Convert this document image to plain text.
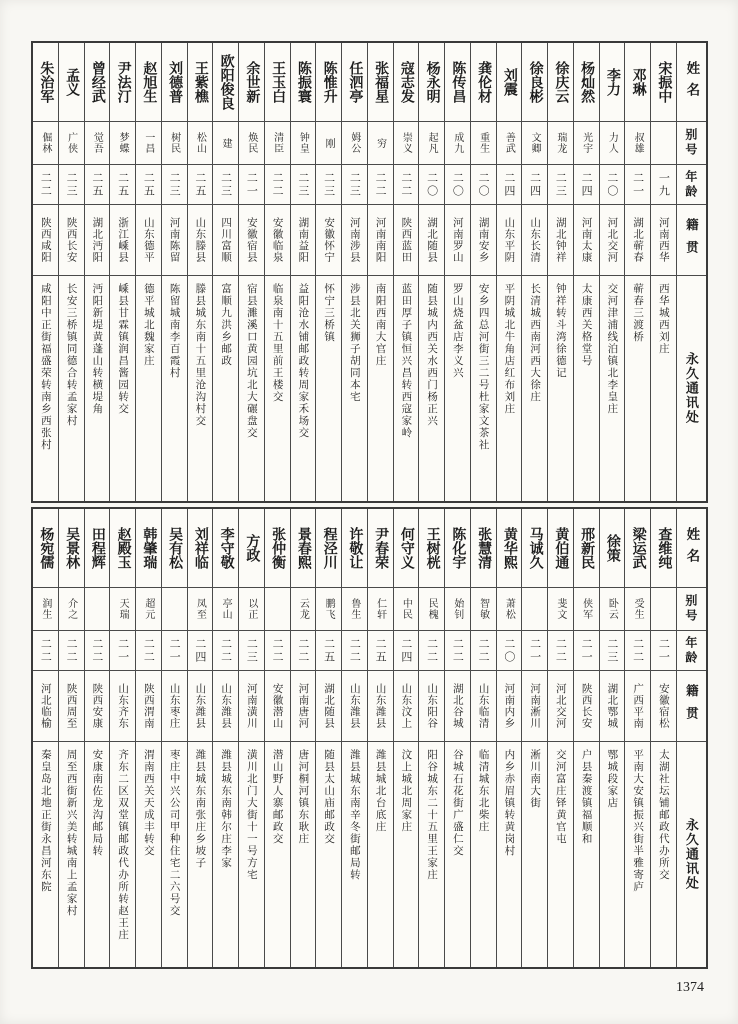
姓名
别号
年龄
籍贯
永久通讯处
宋振中
一九
河南西华
西华城西刘庄
邓琳
叔雄
二一
湖北蕲春
蕲春三渡桥
李力
力人
二〇
河北交河
交河津浦线泊镇北李皇庄
杨灿然
光宇
二四
河南太康
太康西关格堂号
徐庆云
瑞龙
二三
湖北钟祥
钟祥转斗湾徐德记
徐良彬
文卿
二四
山东长清
长清城西南河西大徐庄
刘震
善武
二四
山东平阴
平阴城北牛角店红布刘庄
龚伦材
重生
二〇
湖南安乡
安乡四总河街三二号杜家文茶社
陈传昌
成九
二〇
河南罗山
罗山烧盆店李义兴
杨永明
起凡
二〇
湖北随县
随县城内西关水西门杨正兴
寇志发
崇义
二二
陕西蓝田
蓝田厚子镇恒兴昌转西寇家岭
张福星
穷
二二
河南南阳
南阳西南大官庄
任泗亭
姆公
二三
河南涉县
涉县北关狮子胡同本宅
陈惟升
刚
二三
安徽怀宁
怀宁三桥镇
陈振寰
钟皇
二三
湖南益阳
益阳沧水铺邮政转周家禾场交
王玉白
清臣
二二
安徽临泉
临泉南十五里前王楼交
余世新
焕民
二一
安徽宿县
宿县濉溪口黄园坑北大碾盘交
欧阳俊良
建
二三
四川富顺
富顺九洪乡邮政
王紫樵
松山
二五
山东滕县
滕县城东南十五里沧沟村交
刘德普
树民
二三
河南陈留
陈留城南李百霞村
赵旭生
一昌
二五
山东德平
德平城北魏家庄
尹法汀
梦蝶
二五
浙江嵊县
嵊县甘霖镇润昌酱园转交
曾经武
觉吾
二五
湖北沔阳
沔阳新堤黄蓬山转横堤角
孟义
广侠
二三
陕西长安
长安三桥镇同德合转孟家村
朱治军
倔林
二二
陕西咸阳
咸阳中正街福盛荣转南乡西张村
姓名
别号
年龄
籍贯
永久通讯处
查维纯
二一
安徽宿松
太湖社坛铺邮政代办所交
梁运武
受生
二二
广西平南
平南大安镇振兴街半雅寄庐
徐策
卧云
二三
湖北鄂城
鄂城段家店
邢新民
侠军
二一
陕西长安
户县秦渡镇福顺和
黄伯通
斐文
二二
河北交河
交河富庄铎黄官屯
马诚久
二一
河南淅川
淅川南大街
黄华熙
萧松
二〇
河南内乡
内乡赤眉镇转黄岗村
张慧清
智敏
二二
山东临清
临清城东北柴庄
陈化宇
始钊
二二
湖北谷城
谷城石花街广盛仁交
王树桄
民槐
二二
山东阳谷
阳谷城东二十五里王家庄
何守义
中民
二四
山东汶上
汶上城北周家庄
尹春荣
仁轩
二五
山东潍县
潍县城北台底庄
许敬让
鲁生
二二
山东潍县
潍县城东南辛冬街邮局转
程泾川
鹏飞
二五
湖北随县
随县太山庙邮政交
景春熙
云龙
二二
河南唐河
唐河桐河镇东耿庄
张仲衡
二二
安徽潜山
潜山野人寨邮政交
方政
以正
二三
河南潢川
潢川北门大街十一号方宅
李守敬
亭山
二二
山东潍县
潍县城东南韩尔庄李家
刘祥临
凤至
二四
山东潍县
潍县城东南张庄乡坡子
吴有松
二一
山东枣庄
枣庄中兴公司甲种住宅二六号交
韩肇瑞
超元
二二
陕西渭南
渭南西关天成丰转交
赵殿玉
天瑞
二一
山东齐东
齐东二区双堂镇邮政代办所转赵王庄
田程辉
二二
陕西安康
安康南佐龙沟邮局转
吴景林
介之
二二
陕西周至
周至西街新兴美转城南上孟家村
杨宛儒
润生
二二
河北临榆
秦皇岛北地正街永昌河东院
1374
